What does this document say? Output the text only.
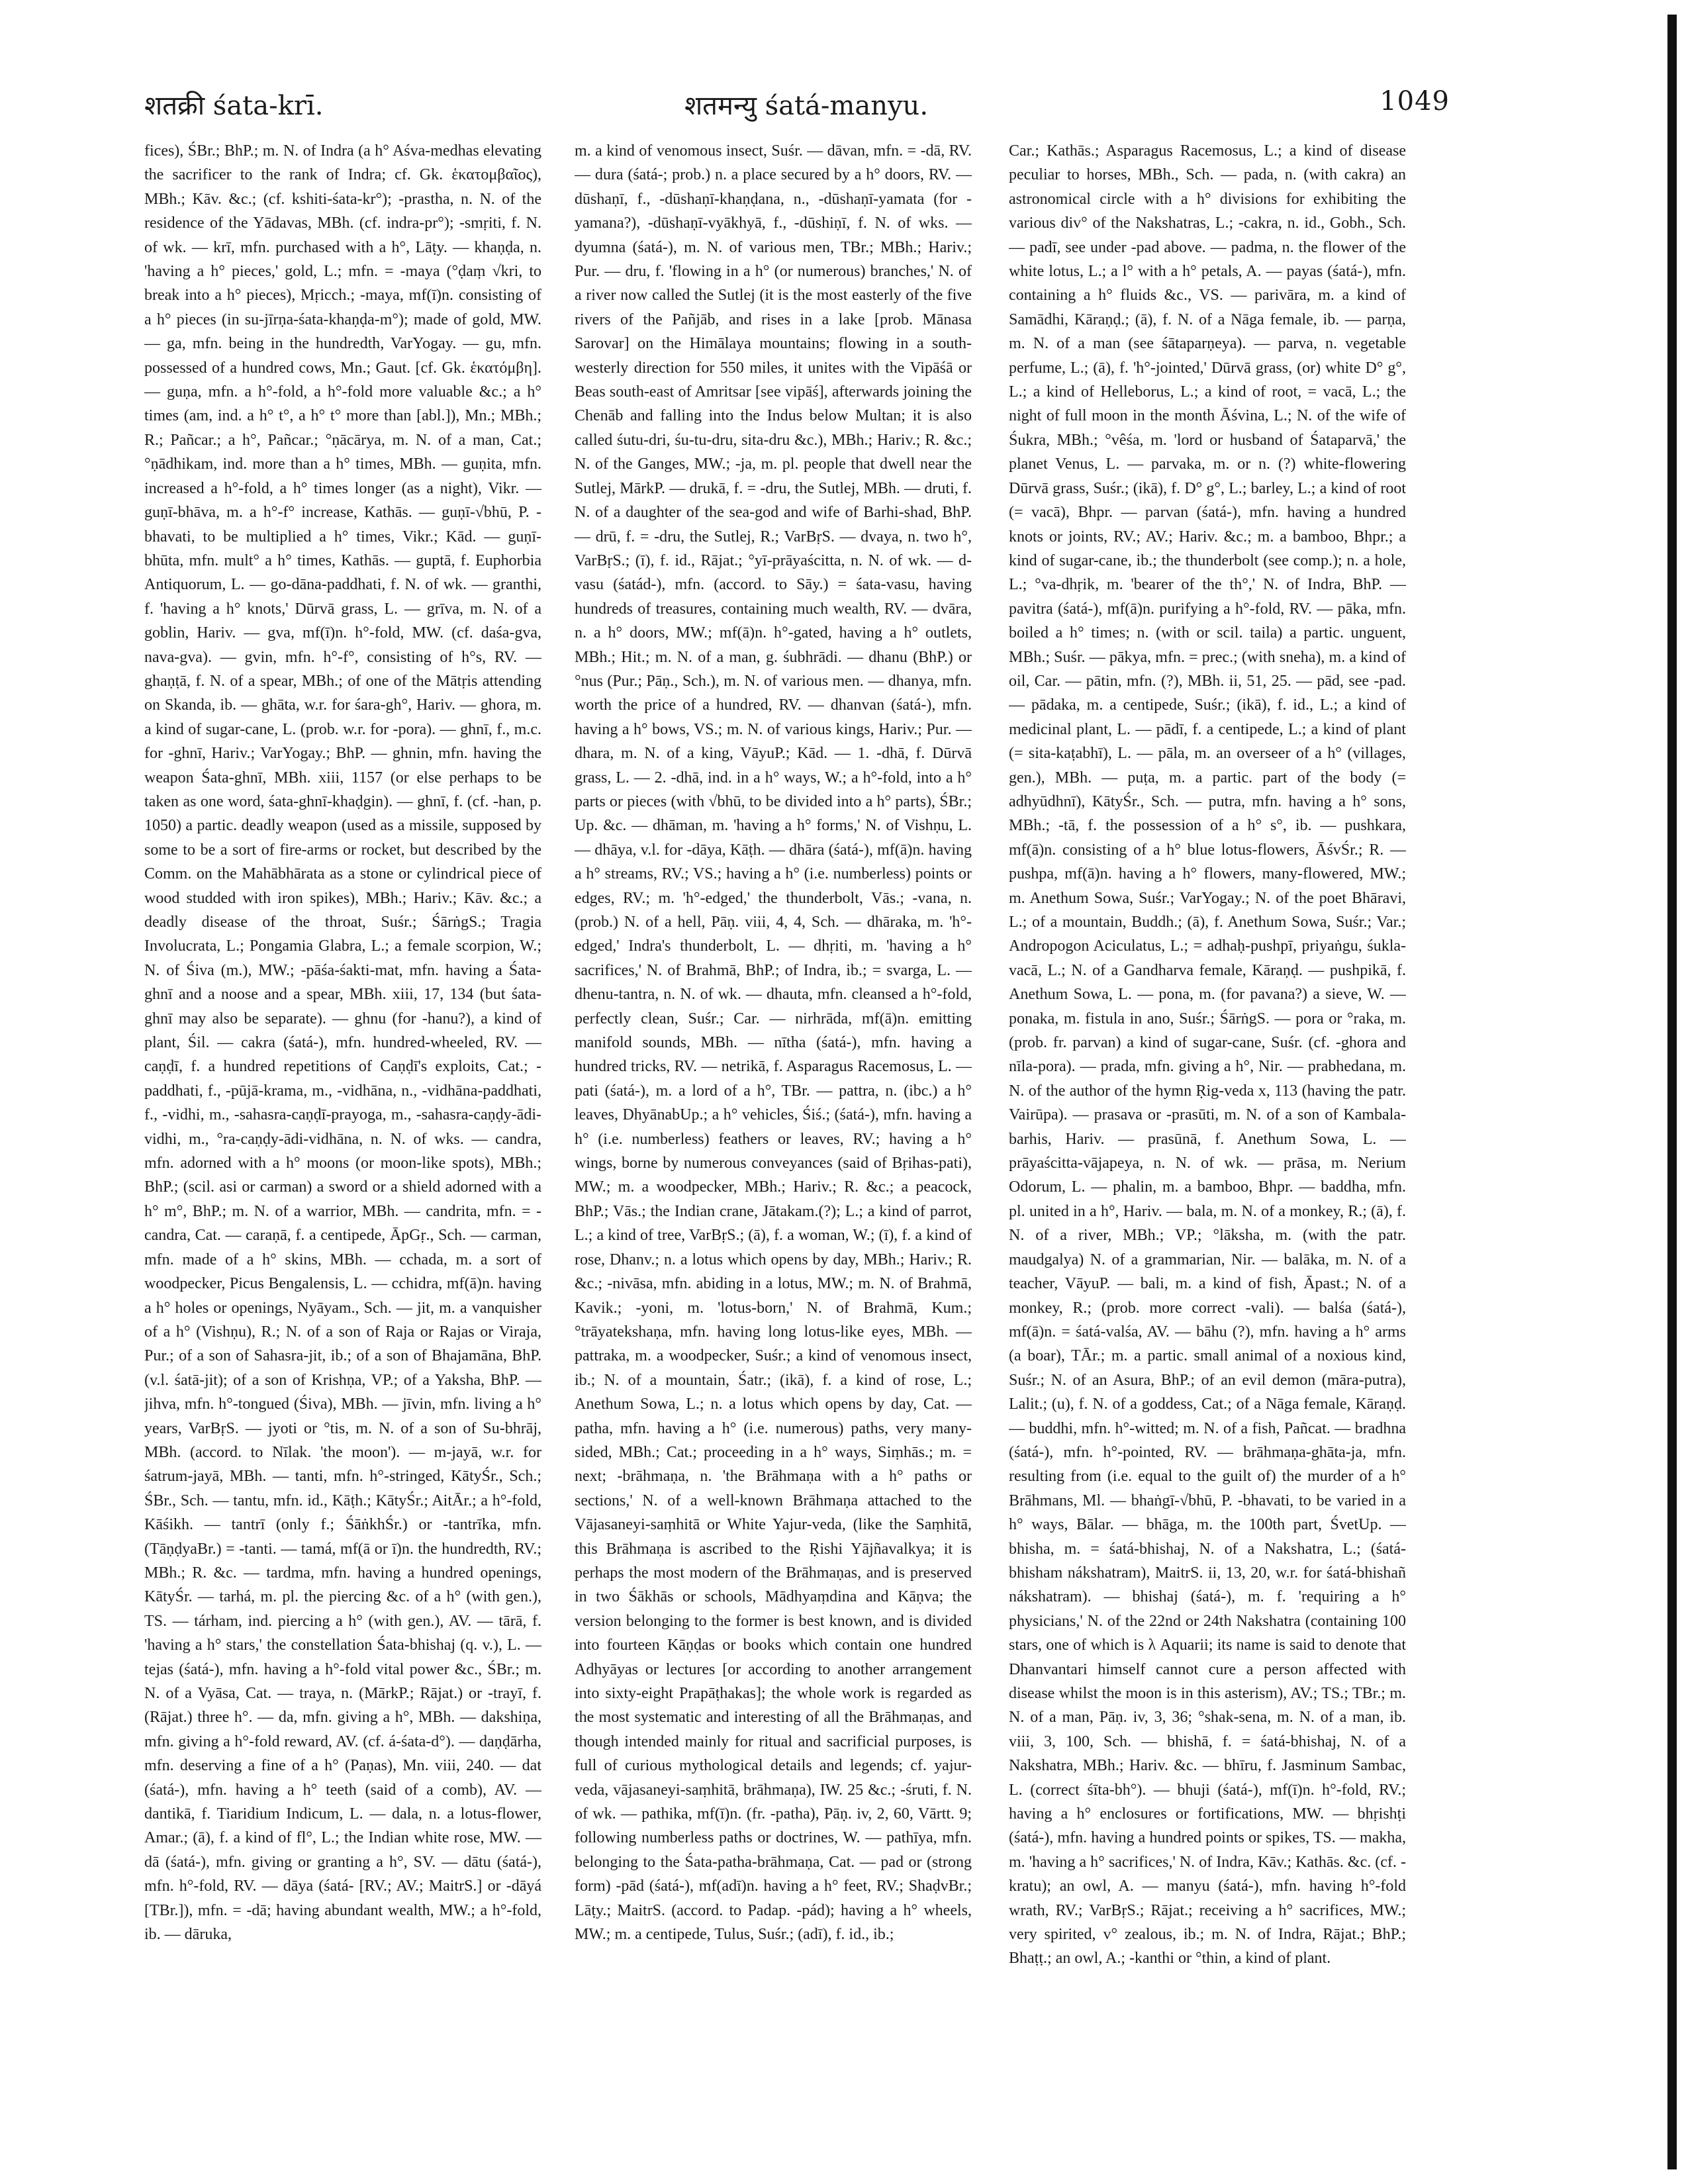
शतक्री śata-krī.	शतमन्यु śatá-manyu.	1049

fices), ŚBr.; BhP.; m. N. of Indra (a h° Aśva-medhas elevating the sacrificer to the rank of Indra; cf. Gk. ἑκατομβαῖος), MBh.; Kāv. &c.; (cf. kshiti-śata-kr°); -prastha, n. N. of the residence of the Yādavas, MBh. (cf. indra-pr°); -smṛiti, f. N. of wk. — krī, mfn. purchased with a h°, Lāṭy. — khaṇḍa, n. 'having a h° pieces,' gold, L.; mfn. = -maya (°ḍaṃ √kri, to break into a h° pieces), Mṛicch.; -maya, mf(ī)n. consisting of a h° pieces (in su-jīrṇa-śata-khaṇḍa-m°); made of gold, MW. — ga, mfn. being in the hundredth, VarYogay. — gu, mfn. possessed of a hundred cows, Mn.; Gaut. [cf. Gk. ἑκατόμβη]. — guṇa, mfn. a h°-fold, a h°-fold more valuable &c.; a h° times (am, ind. a h° t°, a h° t° more than [abl.]), Mn.; MBh.; R.; Pañcar.; a h°, Pañcar.; °ṇācārya, m. N. of a man, Cat.; °ṇādhikam, ind. more than a h° times, MBh. — guṇita, mfn. increased a h°-fold, a h° times longer (as a night), Vikr. — guṇī-bhāva, m. a h°-f° increase, Kathās. — guṇī-√bhū, P. -bhavati, to be multiplied a h° times, Vikr.; Kād. — guṇī-bhūta, mfn. mult° a h° times, Kathās. — guptā, f. Euphorbia Antiquorum, L. — go-dāna-paddhati, f. N. of wk. — granthi, f. 'having a h° knots,' Dūrvā grass, L. — grīva, m. N. of a goblin, Hariv. — gva, mf(ī)n. h°-fold, MW. (cf. daśa-gva, nava-gva). — gvin, mfn. h°-f°, consisting of h°s, RV. — ghaṇṭā, f. N. of a spear, MBh.; of one of the Mātṛis attending on Skanda, ib. — ghāta, w.r. for śara-gh°, Hariv. — ghora, m. a kind of sugar-cane, L. (prob. w.r. for -pora). — ghnī, f., m.c. for -ghnī, Hariv.; VarYogay.; BhP. — ghnin, mfn. having the weapon Śata-ghnī, MBh. xiii, 1157 (or else perhaps to be taken as one word, śata-ghnī-khaḍgin). — ghnī, f. (cf. -han, p. 1050) a partic. deadly weapon (used as a missile, supposed by some to be a sort of fire-arms or rocket, but described by the Comm. on the Mahābhārata as a stone or cylindrical piece of wood studded with iron spikes), MBh.; Hariv.; Kāv. &c.; a deadly disease of the throat, Suśr.; ŚārṅgS.; Tragia Involucrata, L.; Pongamia Glabra, L.; a female scorpion, W.; N. of Śiva (m.), MW.; -pāśa-śakti-mat, mfn. having a Śata-ghnī and a noose and a spear, MBh. xiii, 17, 134 (but śata-ghnī may also be separate). — ghnu (for -hanu?), a kind of plant, Śil. — cakra (śatá-), mfn. hundred-wheeled, RV. — caṇḍī, f. a hundred repetitions of Caṇḍī's exploits, Cat.; -paddhati, f., -pūjā-krama, m., -vidhāna, n., -vidhāna-paddhati, f., -vidhi, m., -sahasra-caṇḍī-prayoga, m., -sahasra-caṇḍy-ādi-vidhi, m., °ra-caṇḍy-ādi-vidhāna, n. N. of wks. — candra, mfn. adorned with a h° moons (or moon-like spots), MBh.; BhP.; (scil. asi or carman) a sword or a shield adorned with a h° m°, BhP.; m. N. of a warrior, MBh. — candrita, mfn. = -candra, Cat. — caraṇā, f. a centipede, ĀpGṛ., Sch. — carman, mfn. made of a h° skins, MBh. — cchada, m. a sort of woodpecker, Picus Bengalensis, L. — cchidra, mf(ā)n. having a h° holes or openings, Nyāyam., Sch. — jit, m. a vanquisher of a h° (Vishṇu), R.; N. of a son of Raja or Rajas or Viraja, Pur.; of a son of Sahasra-jit, ib.; of a son of Bhajamāna, BhP. (v.l. śatā-jit); of a son of Krishṇa, VP.; of a Yaksha, BhP. — jihva, mfn. h°-tongued (Śiva), MBh. — jīvin, mfn. living a h° years, VarBṛS. — jyoti or °tis, m. N. of a son of Su-bhrāj, MBh. (accord. to Nīlak. 'the moon'). — m-jayā, w.r. for śatrum-jayā, MBh. — tanti, mfn. h°-stringed, KātyŚr., Sch.; ŚBr., Sch. — tantu, mfn. id., Kāṭh.; KātyŚr.; AitĀr.; a h°-fold, Kāśikh. — tantrī (only f.; ŚāṅkhŚr.) or -tantrīka, mfn. (TāṇḍyaBr.) = -tanti. — tamá, mf(ā or ī)n. the hundredth, RV.; MBh.; R. &c. — tardma, mfn. having a hundred openings, KātyŚr. — tarhá, m. pl. the piercing &c. of a h° (with gen.), TS. — tárham, ind. piercing a h° (with gen.), AV. — tārā, f. 'having a h° stars,' the constellation Śata-bhishaj (q. v.), L. — tejas (śatá-), mfn. having a h°-fold vital power &c., ŚBr.; m. N. of a Vyāsa, Cat. — traya, n. (MārkP.; Rājat.) or -trayī, f. (Rājat.) three h°. — da, mfn. giving a h°, MBh. — dakshiṇa, mfn. giving a h°-fold reward, AV. (cf. á-śata-d°). — daṇḍārha, mfn. deserving a fine of a h° (Paṇas), Mn. viii, 240. — dat (śatá-), mfn. having a h° teeth (said of a comb), AV. — dantikā, f. Tiaridium Indicum, L. — dala, n. a lotus-flower, Amar.; (ā), f. a kind of fl°, L.; the Indian white rose, MW. — dā (śatá-), mfn. giving or granting a h°, SV. — dātu (śatá-), mfn. h°-fold, RV. — dāya (śatá- [RV.; AV.; MaitrS.] or -dāyá [TBr.]), mfn. = -dā; having abundant wealth, MW.; a h°-fold, ib. — dāruka,

m. a kind of venomous insect, Suśr. — dāvan, mfn. = -dā, RV. — dura (śatá-; prob.) n. a place secured by a h° doors, RV. — dūshaṇī, f., -dūshaṇī-khaṇḍana, n., -dūshaṇī-yamata (for -yamana?), -dūshaṇī-vyākhyā, f., -dūshiṇī, f. N. of wks. — dyumna (śatá-), m. N. of various men, TBr.; MBh.; Hariv.; Pur. — dru, f. 'flowing in a h° (or numerous) branches,' N. of a river now called the Sutlej (it is the most easterly of the five rivers of the Pañjāb, and rises in a lake [prob. Mānasa Sarovar] on the Himālaya mountains; flowing in a south-westerly direction for 550 miles, it unites with the Vipāśā or Beas south-east of Amritsar [see vipāś], afterwards joining the Chenāb and falling into the Indus below Multan; it is also called śutu-dri, śu-tu-dru, sita-dru &c.), MBh.; Hariv.; R. &c.; N. of the Ganges, MW.; -ja, m. pl. people that dwell near the Sutlej, MārkP. — drukā, f. = -dru, the Sutlej, MBh. — druti, f. N. of a daughter of the sea-god and wife of Barhi-shad, BhP. — drū, f. = -dru, the Sutlej, R.; VarBṛS. — dvaya, n. two h°, VarBṛS.; (ī), f. id., Rājat.; °yī-prāyaścitta, n. N. of wk. — d-vasu (śatád-), mfn. (accord. to Sāy.) = śata-vasu, having hundreds of treasures, containing much wealth, RV. — dvāra, n. a h° doors, MW.; mf(ā)n. h°-gated, having a h° outlets, MBh.; Hit.; m. N. of a man, g. śubhrādi. — dhanu (BhP.) or °nus (Pur.; Pāṇ., Sch.), m. N. of various men. — dhanya, mfn. worth the price of a hundred, RV. — dhanvan (śatá-), mfn. having a h° bows, VS.; m. N. of various kings, Hariv.; Pur. — dhara, m. N. of a king, VāyuP.; Kād. — 1. -dhā, f. Dūrvā grass, L. — 2. -dhā, ind. in a h° ways, W.; a h°-fold, into a h° parts or pieces (with √bhū, to be divided into a h° parts), ŚBr.; Up. &c. — dhāman, m. 'having a h° forms,' N. of Vishṇu, L. — dhāya, v.l. for -dāya, Kāṭh. — dhāra (śatá-), mf(ā)n. having a h° streams, RV.; VS.; having a h° (i.e. numberless) points or edges, RV.; m. 'h°-edged,' the thunderbolt, Vās.; -vana, n. (prob.) N. of a hell, Pāṇ. viii, 4, 4, Sch. — dhāraka, m. 'h°-edged,' Indra's thunderbolt, L. — dhṛiti, m. 'having a h° sacrifices,' N. of Brahmā, BhP.; of Indra, ib.; = svarga, L. — dhenu-tantra, n. N. of wk. — dhauta, mfn. cleansed a h°-fold, perfectly clean, Suśr.; Car. — nirhrāda, mf(ā)n. emitting manifold sounds, MBh. — nītha (śatá-), mfn. having a hundred tricks, RV. — netrikā, f. Asparagus Racemosus, L. — pati (śatá-), m. a lord of a h°, TBr. — pattra, n. (ibc.) a h° leaves, DhyānabUp.; a h° vehicles, Śiś.; (śatá-), mfn. having a h° (i.e. numberless) feathers or leaves, RV.; having a h° wings, borne by numerous conveyances (said of Bṛihas-pati), MW.; m. a woodpecker, MBh.; Hariv.; R. &c.; a peacock, BhP.; Vās.; the Indian crane, Jātakam.(?); L.; a kind of parrot, L.; a kind of tree, VarBṛS.; (ā), f. a woman, W.; (ī), f. a kind of rose, Dhanv.; n. a lotus which opens by day, MBh.; Hariv.; R. &c.; -nivāsa, mfn. abiding in a lotus, MW.; m. N. of Brahmā, Kavik.; -yoni, m. 'lotus-born,' N. of Brahmā, Kum.; °trāyatekshaṇa, mfn. having long lotus-like eyes, MBh. — pattraka, m. a woodpecker, Suśr.; a kind of venomous insect, ib.; N. of a mountain, Śatr.; (ikā), f. a kind of rose, L.; Anethum Sowa, L.; n. a lotus which opens by day, Cat. — patha, mfn. having a h° (i.e. numerous) paths, very many-sided, MBh.; Cat.; proceeding in a h° ways, Siṃhās.; m. = next; -brāhmaṇa, n. 'the Brāhmaṇa with a h° paths or sections,' N. of a well-known Brāhmaṇa attached to the Vājasaneyi-saṃhitā or White Yajur-veda, (like the Saṃhitā, this Brāhmaṇa is ascribed to the Ṛishi Yājñavalkya; it is perhaps the most modern of the Brāhmaṇas, and is preserved in two Śākhās or schools, Mādhyaṃdina and Kāṇva; the version belonging to the former is best known, and is divided into fourteen Kāṇḍas or books which contain one hundred Adhyāyas or lectures [or according to another arrangement into sixty-eight Prapāṭhakas]; the whole work is regarded as the most systematic and interesting of all the Brāhmaṇas, and though intended mainly for ritual and sacrificial purposes, is full of curious mythological details and legends; cf. yajur-veda, vājasaneyi-saṃhitā, brāhmaṇa), IW. 25 &c.; -śruti, f. N. of wk. — pathika, mf(ī)n. (fr. -patha), Pāṇ. iv, 2, 60, Vārtt. 9; following numberless paths or doctrines, W. — pathīya, mfn. belonging to the Śata-patha-brāhmaṇa, Cat. — pad or (strong form) -pād (śatá-), mf(adī)n. having a h° feet, RV.; ShaḍvBr.; Lāṭy.; MaitrS. (accord. to Padap. -pád); having a h° wheels, MW.; m. a centipede, Tulus, Suśr.; (adī), f. id., ib.;

Car.; Kathās.; Asparagus Racemosus, L.; a kind of disease peculiar to horses, MBh., Sch. — pada, n. (with cakra) an astronomical circle with a h° divisions for exhibiting the various div° of the Nakshatras, L.; -cakra, n. id., Gobh., Sch. — padī, see under -pad above. — padma, n. the flower of the white lotus, L.; a l° with a h° petals, A. — payas (śatá-), mfn. containing a h° fluids &c., VS. — parivāra, m. a kind of Samādhi, Kāraṇḍ.; (ā), f. N. of a Nāga female, ib. — parṇa, m. N. of a man (see śātaparṇeya). — parva, n. vegetable perfume, L.; (ā), f. 'h°-jointed,' Dūrvā grass, (or) white D° g°, L.; a kind of Helleborus, L.; a kind of root, = vacā, L.; the night of full moon in the month Āśvina, L.; N. of the wife of Śukra, MBh.; °vêśa, m. 'lord or husband of Śataparvā,' the planet Venus, L. — parvaka, m. or n. (?) white-flowering Dūrvā grass, Suśr.; (ikā), f. D° g°, L.; barley, L.; a kind of root (= vacā), Bhpr. — parvan (śatá-), mfn. having a hundred knots or joints, RV.; AV.; Hariv. &c.; m. a bamboo, Bhpr.; a kind of sugar-cane, ib.; the thunderbolt (see comp.); n. a hole, L.; °va-dhṛik, m. 'bearer of the th°,' N. of Indra, BhP. — pavitra (śatá-), mf(ā)n. purifying a h°-fold, RV. — pāka, mfn. boiled a h° times; n. (with or scil. taila) a partic. unguent, MBh.; Suśr. — pākya, mfn. = prec.; (with sneha), m. a kind of oil, Car. — pātin, mfn. (?), MBh. ii, 51, 25. — pād, see -pad. — pādaka, m. a centipede, Suśr.; (ikā), f. id., L.; a kind of medicinal plant, L. — pādī, f. a centipede, L.; a kind of plant (= sita-kaṭabhī), L. — pāla, m. an overseer of a h° (villages, gen.), MBh. — puṭa, m. a partic. part of the body (= adhyūdhnī), KātyŚr., Sch. — putra, mfn. having a h° sons, MBh.; -tā, f. the possession of a h° s°, ib. — pushkara, mf(ā)n. consisting of a h° blue lotus-flowers, ĀśvŚr.; R. — pushpa, mf(ā)n. having a h° flowers, many-flowered, MW.; m. Anethum Sowa, Suśr.; VarYogay.; N. of the poet Bhāravi, L.; of a mountain, Buddh.; (ā), f. Anethum Sowa, Suśr.; Var.; Andropogon Aciculatus, L.; = adhaḥ-pushpī, priyaṅgu, śukla-vacā, L.; N. of a Gandharva female, Kāraṇḍ. — pushpikā, f. Anethum Sowa, L. — pona, m. (for pavana?) a sieve, W. — ponaka, m. fistula in ano, Suśr.; ŚārṅgS. — pora or °raka, m. (prob. fr. parvan) a kind of sugar-cane, Suśr. (cf. -ghora and nīla-pora). — prada, mfn. giving a h°, Nir. — prabhedana, m. N. of the author of the hymn Ṛig-veda x, 113 (having the patr. Vairūpa). — prasava or -prasūti, m. N. of a son of Kambala-barhis, Hariv. — prasūnā, f. Anethum Sowa, L. — prāyaścitta-vājapeya, n. N. of wk. — prāsa, m. Nerium Odorum, L. — phalin, m. a bamboo, Bhpr. — baddha, mfn. pl. united in a h°, Hariv. — bala, m. N. of a monkey, R.; (ā), f. N. of a river, MBh.; VP.; °lāksha, m. (with the patr. maudgalya) N. of a grammarian, Nir. — balāka, m. N. of a teacher, VāyuP. — bali, m. a kind of fish, Āpast.; N. of a monkey, R.; (prob. more correct -vali). — balśa (śatá-), mf(ā)n. = śatá-valśa, AV. — bāhu (?), mfn. having a h° arms (a boar), TĀr.; m. a partic. small animal of a noxious kind, Suśr.; N. of an Asura, BhP.; of an evil demon (māra-putra), Lalit.; (u), f. N. of a goddess, Cat.; of a Nāga female, Kāraṇḍ. — buddhi, mfn. h°-witted; m. N. of a fish, Pañcat. — bradhna (śatá-), mfn. h°-pointed, RV. — brāhmaṇa-ghāta-ja, mfn. resulting from (i.e. equal to the guilt of) the murder of a h° Brāhmans, Ml. — bhaṅgī-√bhū, P. -bhavati, to be varied in a h° ways, Bālar. — bhāga, m. the 100th part, ŚvetUp. — bhisha, m. = śatá-bhishaj, N. of a Nakshatra, L.; (śatá-bhisham nákshatram), MaitrS. ii, 13, 20, w.r. for śatá-bhishañ nákshatram). — bhishaj (śatá-), m. f. 'requiring a h° physicians,' N. of the 22nd or 24th Nakshatra (containing 100 stars, one of which is λ Aquarii; its name is said to denote that Dhanvantari himself cannot cure a person affected with disease whilst the moon is in this asterism), AV.; TS.; TBr.; m. N. of a man, Pāṇ. iv, 3, 36; °shak-sena, m. N. of a man, ib. viii, 3, 100, Sch. — bhishā, f. = śatá-bhishaj, N. of a Nakshatra, MBh.; Hariv. &c. — bhīru, f. Jasminum Sambac, L. (correct śīta-bh°). — bhuji (śatá-), mf(ī)n. h°-fold, RV.; having a h° enclosures or fortifications, MW. — bhṛishṭi (śatá-), mfn. having a hundred points or spikes, TS. — makha, m. 'having a h° sacrifices,' N. of Indra, Kāv.; Kathās. &c. (cf. -kratu); an owl, A. — manyu (śatá-), mfn. having h°-fold wrath, RV.; VarBṛS.; Rājat.; receiving a h° sacrifices, MW.; very spirited, v° zealous, ib.; m. N. of Indra, Rājat.; BhP.; Bhaṭṭ.; an owl, A.; -kanthi or °thin, a kind of plant.
